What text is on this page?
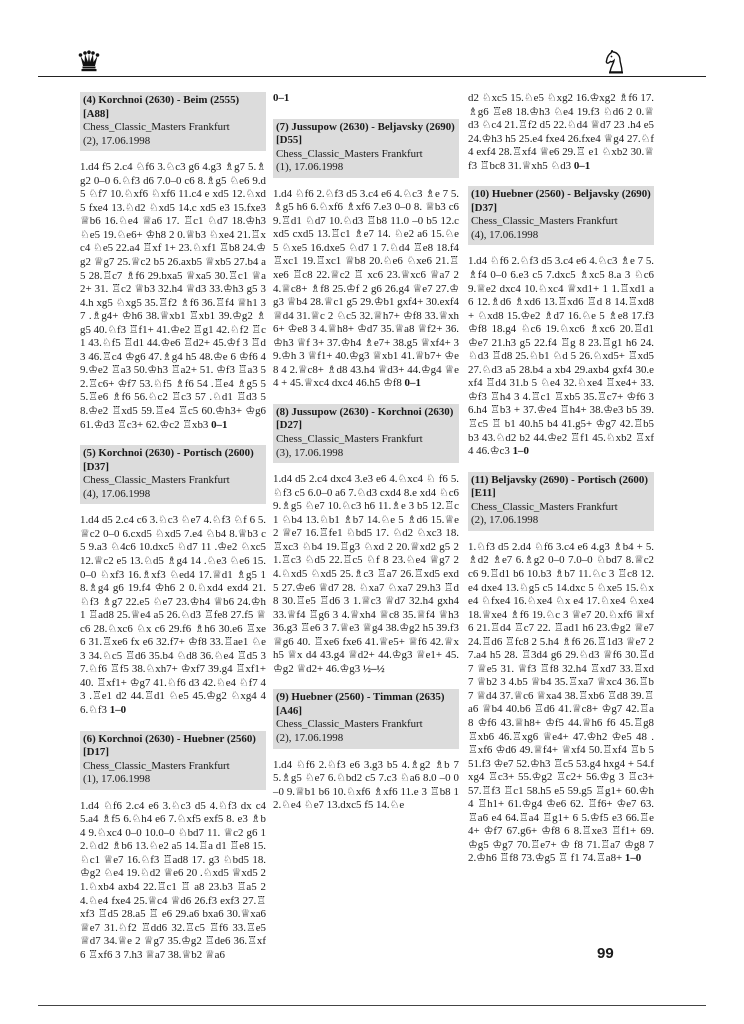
(4) Korchnoi (2630) - Beim (2555)
[A88]
Chess_Classic_Masters Frankfurt
(2), 17.06.1998
1.d4 f5 2.c4 ♘f6 3.♘c3 g6 4.g3 ♗g7 5.♗g2 0–0 6.♘f3 d6 7.0–0 c6 8.♗g5 ♘e6 9.d5 ♘f7 10.♘xf6 ♘xf6 11.c4 e xd5 12.♘xd5 fxe4 13.♘d2 ♘xd5 14.c xd5 e3 15.fxe3 ♕b6 16.♘e4 ♕a6 17. ♖c1 ♘d7 18.♔h3 ♘e5 19.♘e6+ ♔h8 2 0.♕b3 ♘xe4 21.♖xc4 ♘e5 22.a4 ♖xf 1+ 23.♘xf1 ♖b8 24.♔g2 ♕g7 25.♕c2 b5 26.axb5 ♕xb5 27.b4 a5 28.♖c7 ♗f6 29.bxa5 ♕xa5 30.♖c1 ♕a2+ 31. ♖c2 ♕b3 32.h4 ♕d3 33.♔h3 g5 34.h xg5 ♘xg5 35.♖f2 ♗f6 36.♖f4 ♕h1 37 .♗g4+ ♔h6 38.♕xb1 ♖xb1 39.♔g2 ♗ g5 40.♘f3 ♖f1+ 41.♔e2 ♖g1 42.♘f2 ♖c1 43.♘f5 ♖d1 44.♔e6 ♖d2+ 45.♔f 3 ♖d3 46.♖c4 ♔g6 47.♗g4 h5 48.♔e 6 ♔f6 49.♔e2 ♖a3 50.♔h3 ♖a2+ 51. ♔f3 ♖a3 52.♖c6+ ♔f7 53.♘f5 ♗f6 54 .♖e4 ♗g5 55.♖e6 ♗f6 56.♘c2 ♖c3 57 .♘d1 ♖d3 58.♔e2 ♖xd5 59.♖e4 ♖c5 60.♔h3+ ♔g6 61.♔d3 ♖c3+ 62.♔c2 ♖xb3 0–1
(5) Korchnoi (2630) - Portisch (2600) [D37]
Chess_Classic_Masters Frankfurt
(4), 17.06.1998
1.d4 d5 2.c4 c6 3.♘c3 ♘e7 4.♘f3 ♘f 6 5.♕c2 0–0 6.cxd5 ♘xd5 7.e4 ♘b4 8.♕b3 c5 9.a3 ♘4c6 10.dxc5 ♘d7 11 .♔e2 ♘xc5 12.♕c2 e5 13.♘d5 ♗g4 14 .♘e3 ♘e6 15.0–0 ♘xf3 16.♗xf3 ♘ed4 17.♕d1 ♗g5 18.♗g4 g6 19.f4 ♔h6 2 0.♘xd4 exd4 21.♘f3 ♗g7 22.e5 ♘e7 23.♔h4 ♕b6 24.♔h1 ♖ad8 25.♕e4 a5 26.♘d3 ♖fe8 27.f5 ♕c6 28.♘xc6 ♘x c6 29.f6 ♗h6 30.e6 ♖xe6 31.♖xe6 fx e6 32.f7+ ♔f8 33.♖ae1 ♘e3 34.♘c5 ♖d6 35.b4 ♘d8 36.♘e4 ♖d5 37.♘f6 ♖f5 38.♘xh7+ ♔xf7 39.g4 ♖xf1+ 40. ♖xf1+ ♔g7 41.♘f6 d3 42.♘e4 ♘f7 43 .♖e1 d2 44.♖d1 ♘e5 45.♔g2 ♘xg4 4 6.♘f3 1–0
(6) Korchnoi (2630) - Huebner (2560) [D17]
Chess_Classic_Masters Frankfurt
(1), 17.06.1998
1.d4 ♘f6 2.c4 e6 3.♘c3 d5 4.♘f3 dx c4 5.a4 ♗f5 6.♘h4 e6 7.♘xf5 exf5 8. e3 ♗b4 9.♘xc4 0–0 10.0–0 ♘bd7 11. ♕c2 g6 12.♘d2 ♗b6 13.♘e2 a5 14.♖a d1 ♖e8 15.♘c1 ♕e7 16.♘f3 ♖ad8 17. g3 ♘bd5 18.♔g2 ♘e4 19.♘d2 ♕e6 20 .♘xd5 ♕xd5 21.♘xb4 axb4 22.♖c1 ♖ a8 23.b3 ♖a5 24.♘e4 fxe4 25.♕c4 ♕d6 26.f3 exf3 27.♖xf3 ♖d5 28.a5 ♖ e6 29.a6 bxa6 30.♕xa6 ♕e7 31.♘f2 ♖dd6 32.♖c5 ♖f6 33.♖e5 ♕d7 34.♕e 2 ♕g7 35.♔g2 ♖de6 36.♖xf6 ♖xf6 3 7.h3 ♕a7 38.♕b2 ♕a6
0–1
(7) Jussupow (2630) - Beljavsky (2690) [D55]
Chess_Classic_Masters Frankfurt
(1), 17.06.1998
1.d4 ♘f6 2.♘f3 d5 3.c4 e6 4.♘c3 ♗e 7 5.♗g5 h6 6.♘xf6 ♗xf6 7.e3 0–0 8. ♕b3 c6 9.♖d1 ♘d7 10.♘d3 ♖b8 11.0 –0 b5 12.cxd5 cxd5 13.♖c1 ♗e7 14. ♘e2 a6 15.♘e5 ♘xe5 16.dxe5 ♘d7 1 7.♘d4 ♖e8 18.f4 ♖xc1 19.♖xc1 ♕b8 20.♘e6 ♘xe6 21.♖xe6 ♖c8 22.♕c2 ♖ xc6 23.♕xc6 ♕a7 24.♕c8+ ♗f8 25.♔f 2 g6 26.g4 ♕e7 27.♔g3 ♕b4 28.♕c1 g5 29.♔b1 gxf4+ 30.exf4 ♕d4 31.♕c 2 ♘c5 32.♕h7+ ♔f8 33.♕xh6+ ♔e8 3 4.♕h8+ ♔d7 35.♕a8 ♕f2+ 36.♔h3 ♕f 3+ 37.♔h4 ♗e7+ 38.g5 ♕xf4+ 39.♔h 3 ♕f1+ 40.♔g3 ♕xb1 41.♕b7+ ♔e8 4 2.♕c8+ ♗d8 43.h4 ♕d3+ 44.♔g4 ♕e4 + 45.♕xc4 dxc4 46.h5 ♔f8 0–1
(8) Jussupow (2630) - Korchnoi (2630) [D27]
Chess_Classic_Masters Frankfurt
(3), 17.06.1998
1.d4 d5 2.c4 dxc4 3.e3 e6 4.♘xc4 ♘ f6 5.♘f3 c5 6.0–0 a6 7.♘d3 cxd4 8.e xd4 ♘c6 9.♗g5 ♘e7 10.♘c3 h6 11.♗e 3 b5 12.♖c1 ♘b4 13.♘b1 ♗b7 14.♘e 5 ♗d6 15.♕e2 ♕e7 16.♖fe1 ♘bd5 17. ♘d2 ♘xc3 18.♖xc3 ♘b4 19.♖g3 ♘xd 2 20.♕xd2 g5 21.♖c3 ♘d5 22.♖c5 ♘f 8 23.♘e4 ♕g7 24.♘xd5 ♘xd5 25.♗c3 ♖a7 26.♖xd5 exd5 27.♔e6 ♕d7 28. ♘xa7 ♘xa7 29.h3 ♖d8 30.♖e5 ♖d6 3 1.♕c3 ♕d7 32.h4 gxh4 33.♕f4 ♖g6 3 4.♕xh4 ♕c8 35.♕f4 ♕h3 36.g3 ♖e6 3 7.♕e3 ♕g4 38.♔g2 h5 39.f3 ♕g6 40. ♖xe6 fxe6 41.♕e5+ ♕f6 42.♕xh5 ♕x d4 43.g4 ♕d2+ 44.♔g3 ♕e1+ 45.♔g2 ♕d2+ 46.♔g3 ½–½
(9) Huebner (2560) - Timman (2635) [A46]
Chess_Classic_Masters Frankfurt
(2), 17.06.1998
1.d4 ♘f6 2.♘f3 e6 3.g3 b5 4.♗g2 ♗b 7 5.♗g5 ♘e7 6.♘bd2 c5 7.c3 ♘a6 8.0 –0 0–0 9.♕b1 b6 10.♘xf6 ♗xf6 11.e 3 ♖b8 12.♘e4 ♘e7 13.dxc5 f5 14.♘e
d2 ♘xc5 15.♘e5 ♘xg2 16.♔xg2 ♗f6 17.♗g6 ♖e8 18.♔h3 ♘e4 19.f3 ♘d6 2 0.♕d3 ♘c4 21.♖f2 d5 22.♘d4 ♕d7 23 .h4 e5 24.♔h3 h5 25.e4 fxe4 26.fxe4 ♕g4 27.♘f4 exf4 28.♖xf4 ♕e6 29.♖ e1 ♘xb2 30.♕f3 ♖bc8 31.♕xh5 ♘d3 0–1
(10) Huebner (2560) - Beljavsky (2690) [D37]
Chess_Classic_Masters Frankfurt
(4), 17.06.1998
1.d4 ♘f6 2.♘f3 d5 3.c4 e6 4.♘c3 ♗e 7 5.♗f4 0–0 6.e3 c5 7.dxc5 ♗xc5 8.a 3 ♘c6 9.♕e2 dxc4 10.♘xc4 ♕xd1+ 1 1.♖xd1 a6 12.♗d6 ♗xd6 13.♖xd6 ♖d 8 14.♖xd8+ ♘xd8 15.♔e2 ♗d7 16.♘e 5 ♗e8 17.f3 ♔f8 18.g4 ♘c6 19.♘xc6 ♗xc6 20.♖d1 ♔e7 21.h3 g5 22.f4 ♖g 8 23.♖g1 h6 24.♘d3 ♖d8 25.♘b1 ♘d 5 26.♘xd5+ ♖xd5 27.♘d3 a5 28.b4 a xb4 29.axb4 gxf4 30.exf4 ♖d4 31.b 5 ♘e4 32.♘xe4 ♖xe4+ 33.♔f3 ♖h4 3 4.♖c1 ♖xb5 35.♖c7+ ♔f6 36.h4 ♖b3 + 37.♔e4 ♖h4+ 38.♔e3 b5 39.♖c5 ♖ b1 40.h5 b4 41.g5+ ♔g7 42.♖b5 b3 43.♘d2 b2 44.♔e2 ♖f1 45.♘xb2 ♖xf 4 46.♔c3 1–0
(11) Beljavsky (2690) - Portisch (2600) [E11]
Chess_Classic_Masters Frankfurt
(2), 17.06.1998
1.♘f3 d5 2.d4 ♘f6 3.c4 e6 4.g3 ♗b4 + 5.♗d2 ♗e7 6.♗g2 0–0 7.0–0 ♘bd7 8.♕c2 c6 9.♖d1 b6 10.b3 ♗b7 11.♘c 3 ♖c8 12.e4 dxe4 13.♘g5 c5 14.dxc 5 ♘xe5 15.♘xe4 ♘fxe4 16.♘xe4 ♘x e4 17.♘xe4 ♘xe4 18.♕xe4 ♗f6 19.♘c 3 ♕e7 20.♘xf6 ♕xf6 21.♖d4 ♖c7 22. ♖ad1 h6 23.♔g2 ♕e7 24.♖d6 ♖fc8 2 5.h4 ♗f6 26.♖1d3 ♕e7 27.a4 h5 28. ♖3d4 g6 29.♘d3 ♕f6 30.♖d7 ♕e5 31. ♕f3 ♖f8 32.h4 ♖xd7 33.♖xd7 ♕b2 3 4.b5 ♕b4 35.♖xa7 ♕xc4 36.♖b7 ♕d4 37.♕c6 ♕xa4 38.♖xb6 ♖d8 39.♖a6 ♕b4 40.b6 ♖d6 41.♕c8+ ♔g7 42.♖a8 ♔f6 43.♕h8+ ♔f5 44.♕h6 f6 45.♖g8 ♖xb6 46.♖xg6 ♕e4+ 47.♔h2 ♔e5 48 .♖xf6 ♔d6 49.♕f4+ ♕xf4 50.♖xf4 ♖b 5 51.f3 ♔e7 52.♔h3 ♖c5 53.g4 hxg4 + 54.fxg4 ♖c3+ 55.♔g2 ♖c2+ 56.♔g 3 ♖c3+ 57.♖f3 ♖c1 58.h5 e5 59.g5 ♖g1+ 60.♔h4 ♖h1+ 61.♔g4 ♔e6 62. ♖f6+ ♔e7 63.♖a6 e4 64.♖a4 ♖g1+ 6 5.♔f5 e3 66.♖e4+ ♔f7 67.g6+ ♔f8 6 8.♖xe3 ♖f1+ 69.♔g5 ♔g7 70.♖e7+ ♔ f8 71.♖a7 ♔g8 72.♔h6 ♖f8 73.♔g5 ♖ f1 74.♖a8+ 1–0
99
